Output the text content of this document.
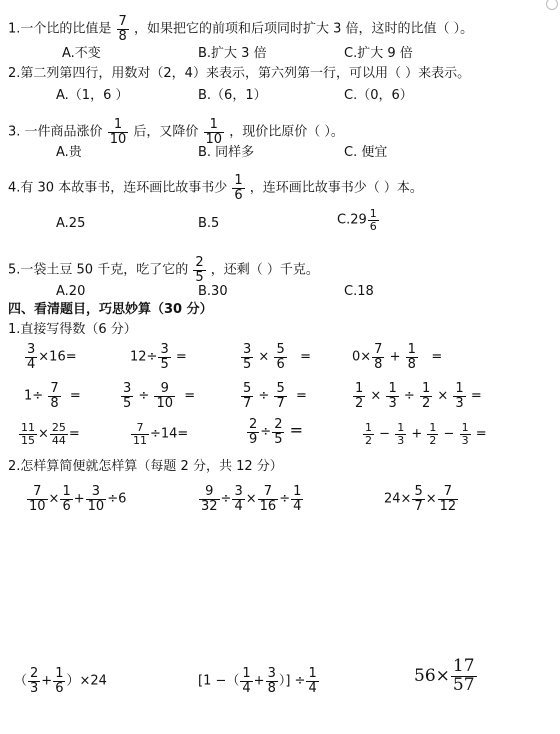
1.一个比的比值是 $\frac{7}{8}$ ，如果把它的前项和后项同时扩大 3 倍，这时的比值（ ）。
A.不变	B.扩大 3 倍	C.扩大 9 倍
2.第二列第四行，用数对（2，4）来表示，第六列第一行，可以用（ ）来表示。
A.（1，6 ）	B.（6，1）	C.（0，6）
3. 一件商品涨价 $\frac{1}{10}$ 后，又降价 $\frac{1}{10}$ ，现价比原价（ ）。
A.贵	B. 同样多	C. 便宜
4.有 30 本故事书，连环画比故事书少 $\frac{1}{6}$ ，连环画比故事书少（ ）本。
A.25	B.5	$C.29 \frac{1}{6}$
5.一袋土豆 50 千克，吃了它的 $\frac{2}{5}$ ，还剩（ ）千克。
A.20	B.30	C.18
四、看清题目，巧思妙算（30 分）
1.直接写得数（6 分）
$\frac{3}{4} \times 16=$	$12\div \frac{3}{5}$ =	$\frac{3}{5} \times \frac{5}{6}$ =	$0\times \frac{7}{8} + \frac{1}{8}$ =
$1\div \frac{7}{8}$ =	$\frac{3}{5} \div \frac{9}{10}$ =	$\frac{5}{7} \div \frac{5}{7}$ =	$\frac{1}{2} \times \frac{1}{3} \div \frac{1}{2} \times \frac{1}{3}$ =
$\frac{11}{15} \times \frac{25}{44}$ =	$\frac{7}{11} \div 14=$	$\frac{2}{9} \div \frac{2}{5}$ =	$\frac{1}{2} - \frac{1}{3} + \frac{1}{2} - \frac{1}{3}$ =
2.怎样算简便就怎样算（每题 2 分，共 12 分）
$\frac{7}{10} \times \frac{1}{6} + \frac{3}{10} \div 6$	$\frac{9}{32} \div \frac{3}{4} \times \frac{7}{16} \div \frac{1}{4}$	$24\times \frac{5}{7} \times \frac{7}{12}$
（ $\frac{2}{3} + \frac{1}{6} )\times 24$	[1 −（ $\frac{1}{4} + \frac{3}{8}$ ）] ÷ $\frac{1}{4}$	$56\times \frac{17}{57}$
